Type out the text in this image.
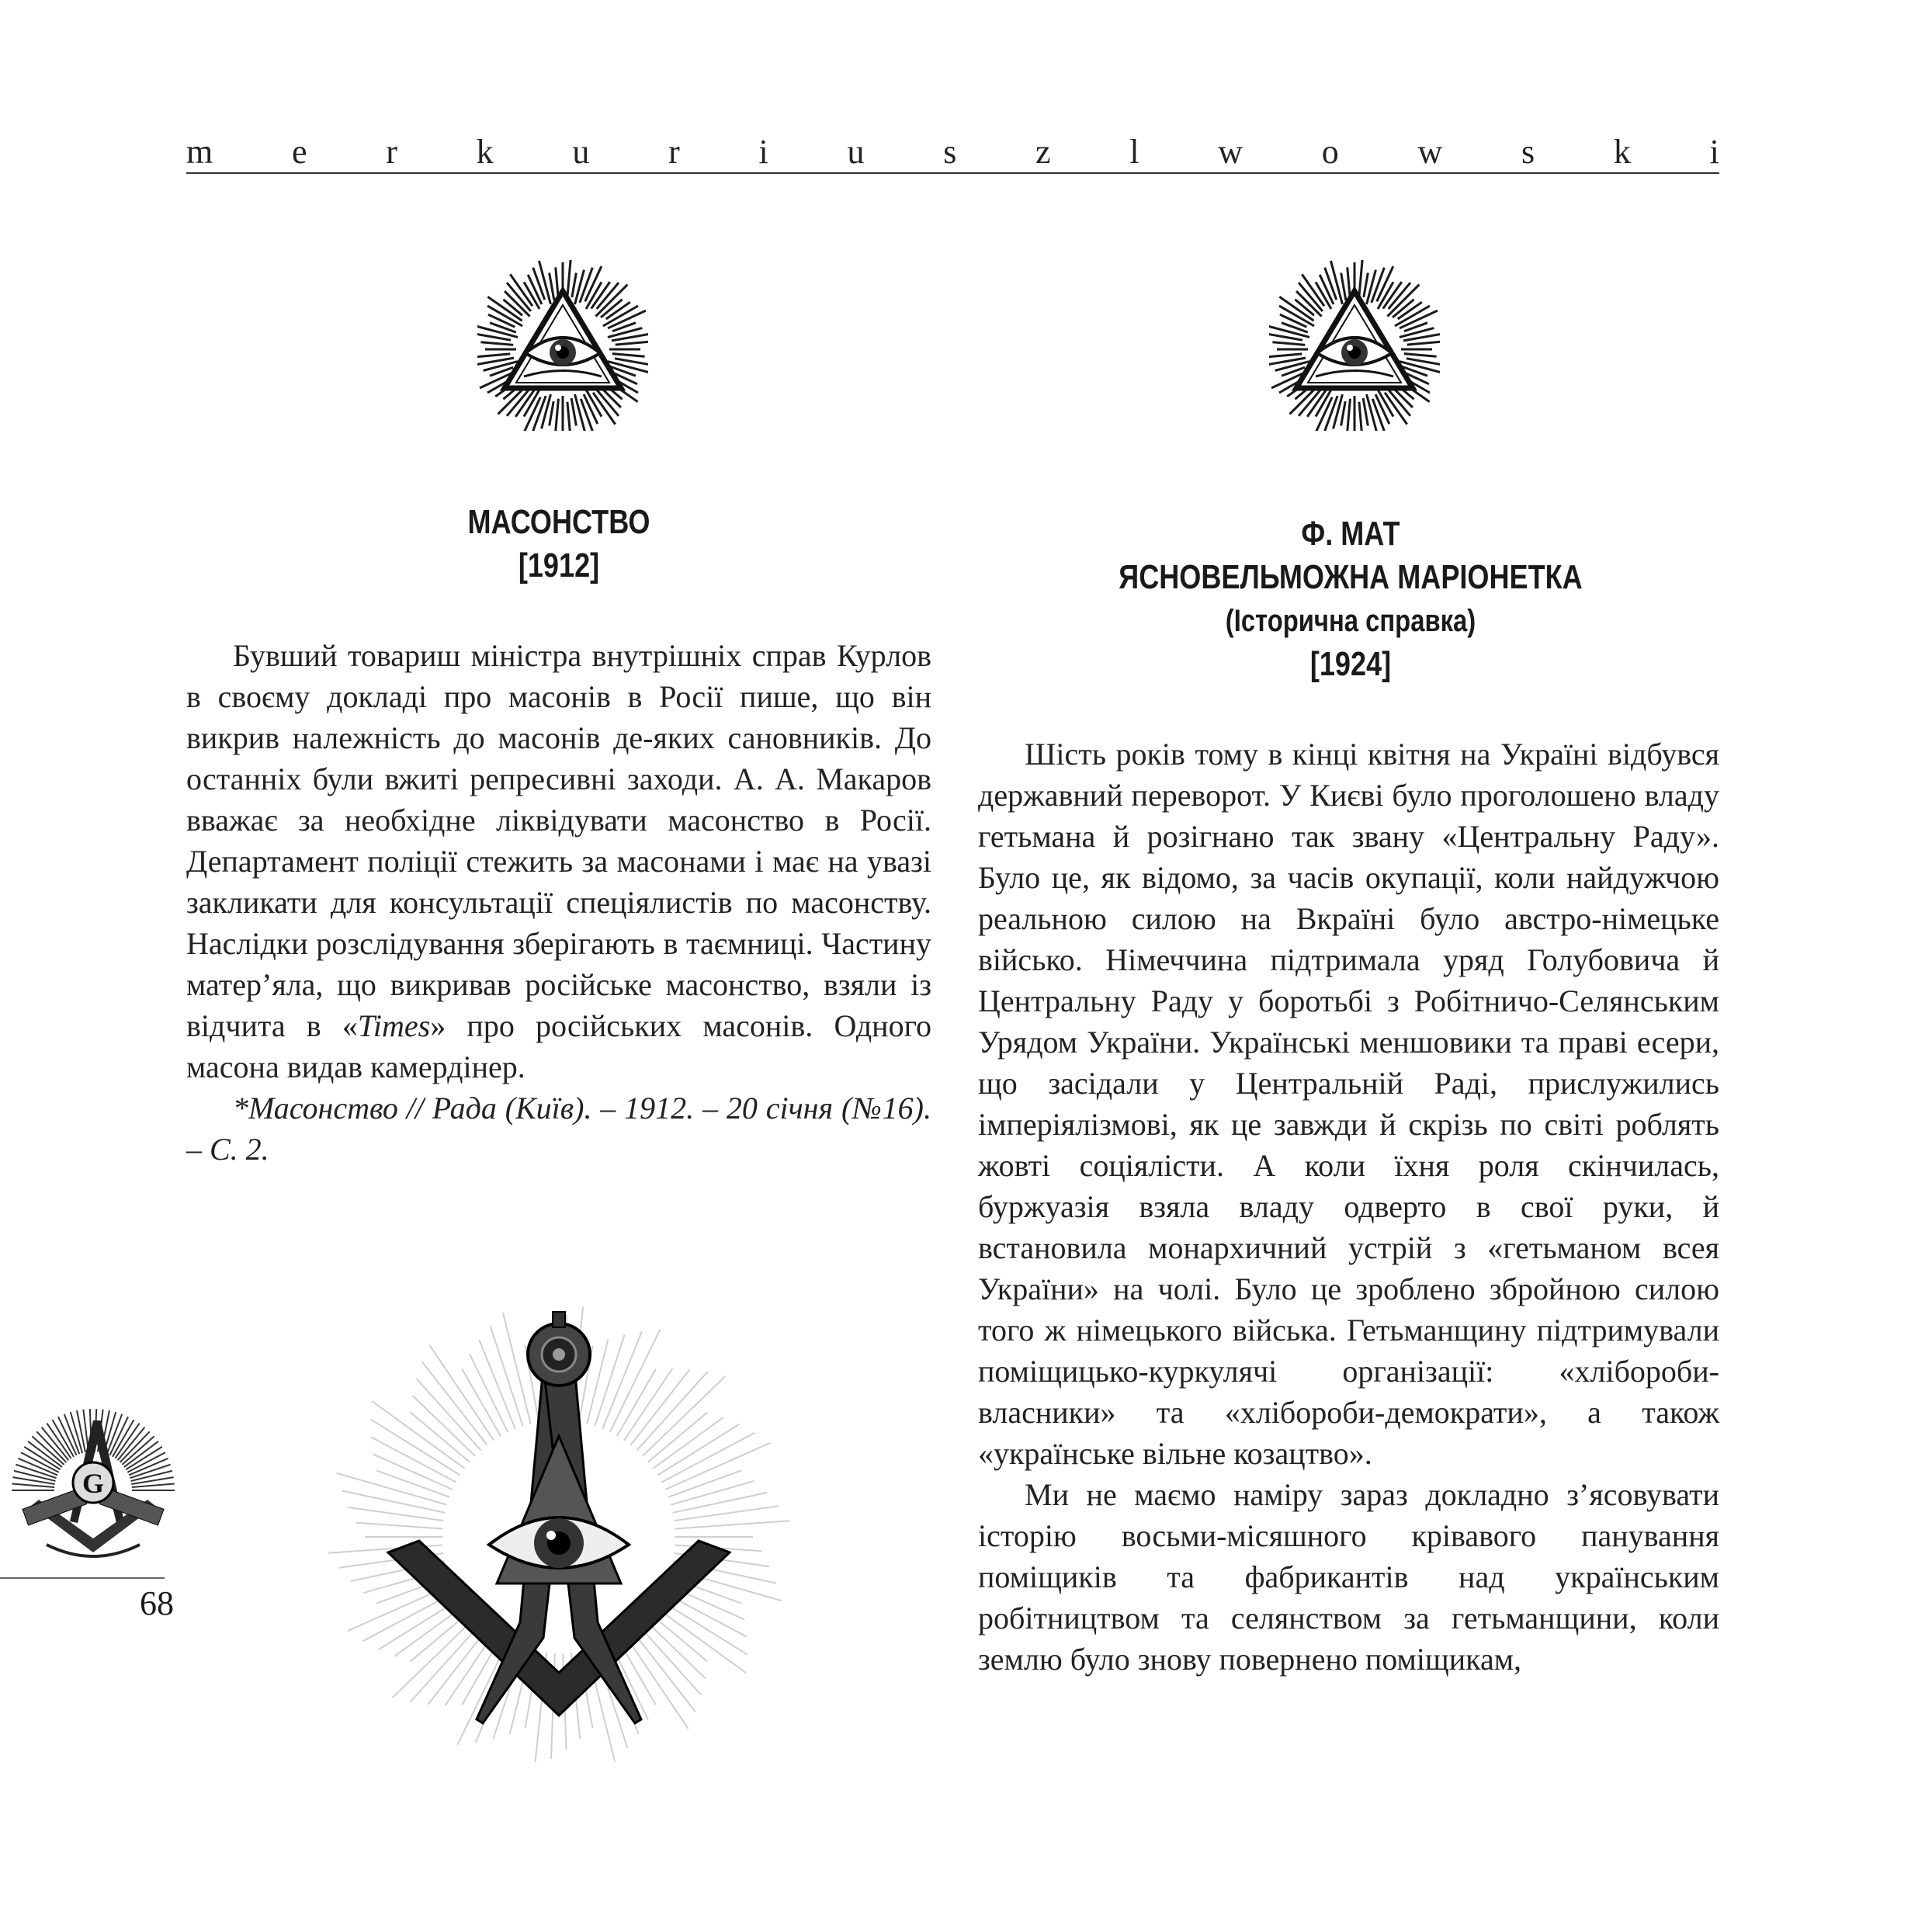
m e r k u r i u s z l w o w s k i
МАСОНСТВО
[1912]

Бувший товариш міністра внутрішніх справ Курлов в своєму докладі про масонів в Росії пише, що він викрив належність до масонів де-яких сановників. До останніх були вжиті репресивні заходи. А. А. Макаров вважає за необхідне ліквідувати масонство в Росії. Департамент поліції стежить за масонами і має на увазі закликати для консультації спеціялистів по масонству. Наслідки розслідування зберігають в таємниці. Частину матер’яла, що викривав російське масонство, взяли із відчита в «Times» про російських масонів. Одного масона видав камердінер.

*Масонство // Рада (Київ). – 1912. – 20 січня (№16). – С. 2.

Ф. МАТ
ЯСНОВЕЛЬМОЖНА МАРІОНЕТКА
(Історична справка)
[1924]

Шість років тому в кінці квітня на Україні відбувся державний переворот. У Києві було проголошено владу гетьмана й розігнано так звану «Центральну Раду». Було це, як відомо, за часів окупації, коли найдужчою реальною силою на Вкраїні було австро-німецьке військо. Німеччина підтримала уряд Голубовича й Центральну Раду у боротьбі з Робітничо-Селянським Урядом України. Українські меншовики та праві есери, що засідали у Центральній Раді, прислужились імперіялізмові, як це завжди й скрізь по світі роблять жовті соціялісти. А коли їхня роля скінчилась, буржуазія взяла владу одверто в свої руки, й встановила монархичний устрій з «гетьманом всея України» на чолі. Було це зроблено збройною силою того ж німецького війська. Гетьманщину підтримували поміщицько-куркулячі організації: «хлібороби-власники» та «хлібороби-демократи», а також «українське вільне козацтво».

Ми не маємо наміру зараз докладно з’ясовувати історію восьми-місяшного крівавого панування поміщиків та фабрикантів над українським робітництвом та селянством за гетьманщини, коли землю було знову повернено поміщикам,

G
68
